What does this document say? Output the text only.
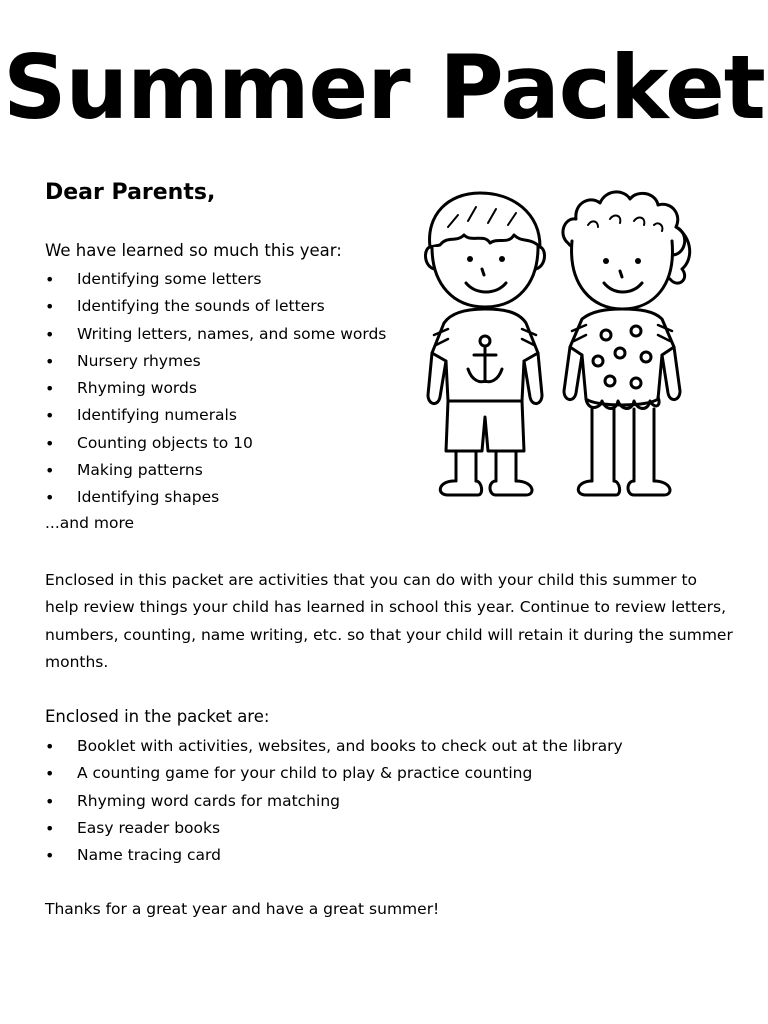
Summer Packet
Dear Parents,
We have learned so much this year:
• Identifying some letters
• Identifying the sounds of letters
• Writing letters, names, and some words
• Nursery rhymes
• Rhyming words
• Identifying numerals
• Counting objects to 10
• Making patterns
• Identifying shapes
...and more
Enclosed in this packet are activities that you can do with your child this summer to help review things your child has learned in school this year. Continue to review letters, numbers, counting, name writing, etc. so that your child will retain it during the summer months.
Enclosed in the packet are:
• Booklet with activities, websites, and books to check out at the library
• A counting game for your child to play & practice counting
• Rhyming word cards for matching
• Easy reader books
• Name tracing card
Thanks for a great year and have a great summer!
